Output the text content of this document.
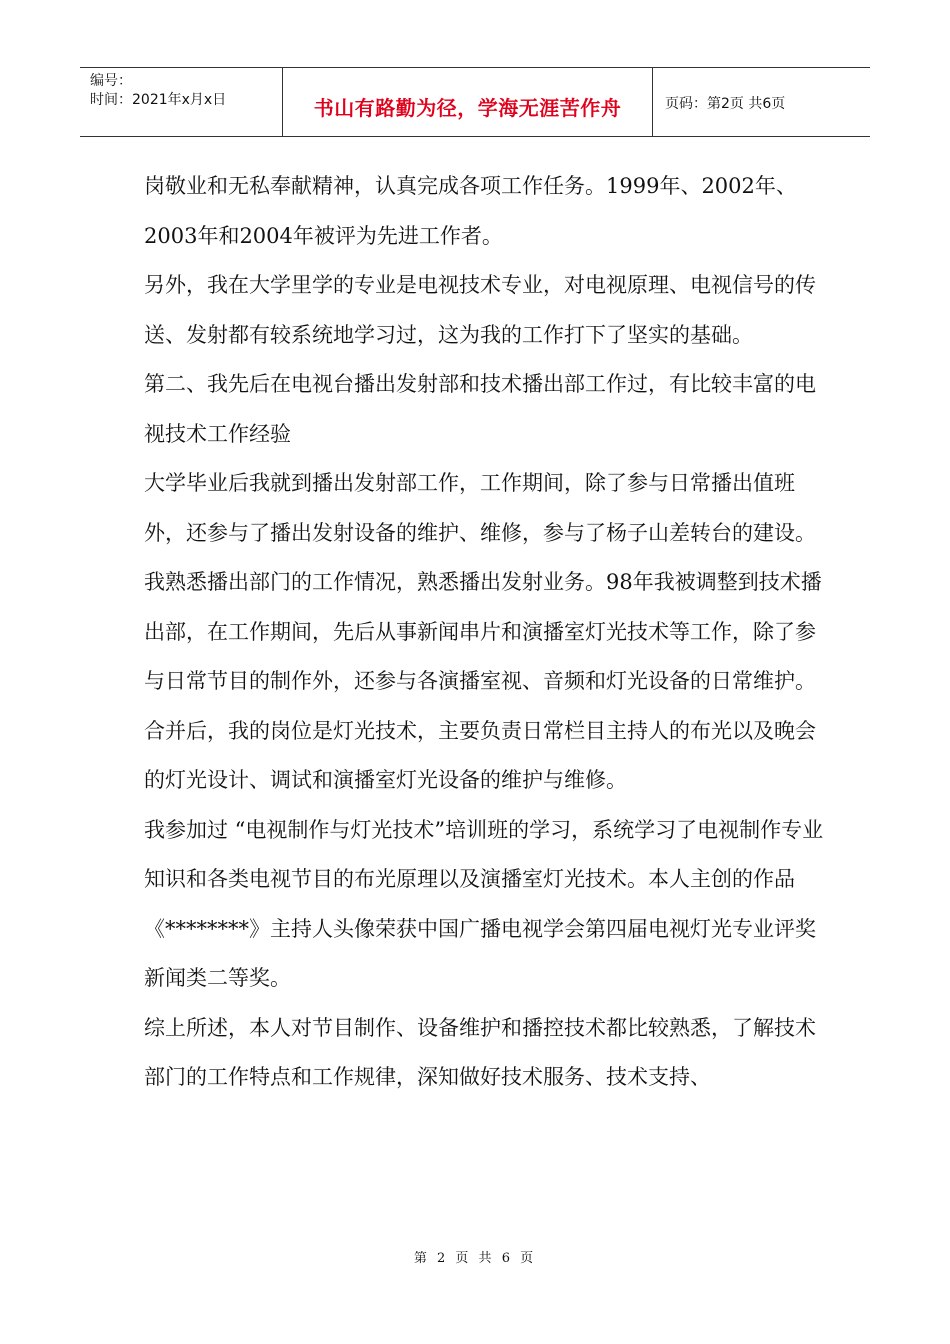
编号：
时间：2021年x月x日	书山有路勤为径，学海无涯苦作舟	页码：第2页 共6页

岗敬业和无私奉献精神，认真完成各项工作任务。1999年、2002年、2003年和2004年被评为先进工作者。

另外，我在大学里学的专业是电视技术专业，对电视原理、电视信号的传送、发射都有较系统地学习过，这为我的工作打下了坚实的基础。

第二、我先后在电视台播出发射部和技术播出部工作过，有比较丰富的电视技术工作经验

大学毕业后我就到播出发射部工作，工作期间，除了参与日常播出值班外，还参与了播出发射设备的维护、维修，参与了杨子山差转台的建设。我熟悉播出部门的工作情况，熟悉播出发射业务。98年我被调整到技术播出部，在工作期间，先后从事新闻串片和演播室灯光技术等工作，除了参与日常节目的制作外，还参与各演播室视、音频和灯光设备的日常维护。合并后，我的岗位是灯光技术，主要负责日常栏目主持人的布光以及晚会的灯光设计、调试和演播室灯光设备的维护与维修。

我参加过 “电视制作与灯光技术”培训班的学习，系统学习了电视制作专业知识和各类电视节目的布光原理以及演播室灯光技术。本人主创的作品《********》主持人头像荣获中国广播电视学会第四届电视灯光专业评奖新闻类二等奖。

综上所述，本人对节目制作、设备维护和播控技术都比较熟悉，了解技术部门的工作特点和工作规律，深知做好技术服务、技术支持、

第 2 页 共 6 页
